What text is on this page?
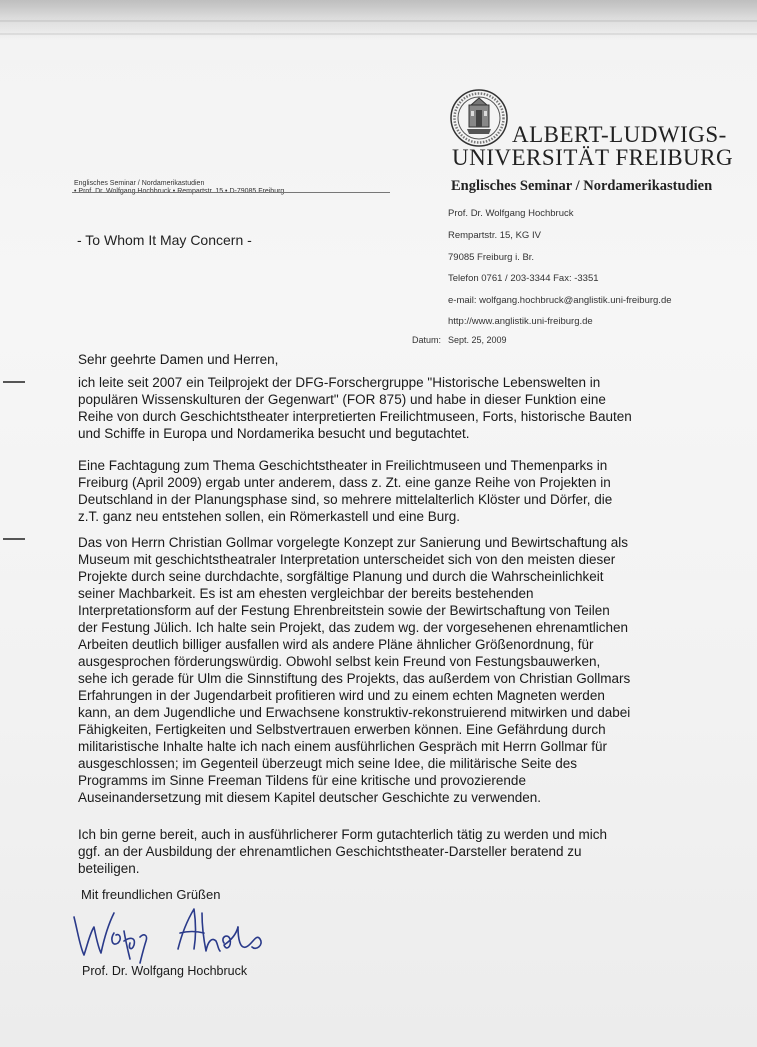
ALBERT-LUDWIGS-
UNIVERSITÄT FREIBURG
Englisches Seminar / Nordamerikastudien
Englisches Seminar / Nordamerikastudien
Prof. Dr. Wolfgang Hochbruck
Rempartstr. 15, KG IV
79085 Freiburg i. Br.
Telefon 0761 / 203-3344 Fax: -3351
e-mail: wolfgang.hochbruck@anglistik.uni-freiburg.de
http://www.anglistik.uni-freiburg.de
Datum: Sept. 25, 2009
- To Whom It May Concern -
Sehr geehrte Damen und Herren,
ich leite seit 2007 ein Teilprojekt der DFG-Forschergruppe "Historische Lebenswelten in
populären Wissenskulturen der Gegenwart" (FOR 875) und habe in dieser Funktion eine
Reihe von durch Geschichtstheater interpretierten Freilichtmuseen, Forts, historische Bauten
und Schiffe in Europa und Nordamerika besucht und begutachtet.
Eine Fachtagung zum Thema Geschichtstheater in Freilichtmuseen und Themenparks in
Freiburg (April 2009) ergab unter anderem, dass z. Zt. eine ganze Reihe von Projekten in
Deutschland in der Planungsphase sind, so mehrere mittelalterlich Klöster und Dörfer, die
z.T. ganz neu entstehen sollen, ein Römerkastell und eine Burg.
Das von Herrn Christian Gollmar vorgelegte Konzept zur Sanierung und Bewirtschaftung als
Museum mit geschichtstheatraler Interpretation unterscheidet sich von den meisten dieser
Projekte durch seine durchdachte, sorgfältige Planung und durch die Wahrscheinlichkeit
seiner Machbarkeit. Es ist am ehesten vergleichbar der bereits bestehenden
Interpretationsform auf der Festung Ehrenbreitstein sowie der Bewirtschaftung von Teilen
der Festung Jülich. Ich halte sein Projekt, das zudem wg. der vorgesehenen ehrenamtlichen
Arbeiten deutlich billiger ausfallen wird als andere Pläne ähnlicher Größenordnung, für
ausgesprochen förderungswürdig. Obwohl selbst kein Freund von Festungsbauwerken,
sehe ich gerade für Ulm die Sinnstiftung des Projekts, das außerdem von Christian Gollmars
Erfahrungen in der Jugendarbeit profitieren wird und zu einem echten Magneten werden
kann, an dem Jugendliche und Erwachsene konstruktiv-rekonstruierend mitwirken und dabei
Fähigkeiten, Fertigkeiten und Selbstvertrauen erwerben können. Eine Gefährdung durch
militaristische Inhalte halte ich nach einem ausführlichen Gespräch mit Herrn Gollmar für
ausgeschlossen; im Gegenteil überzeugt mich seine Idee, die militärische Seite des
Programms im Sinne Freeman Tildens für eine kritische und provozierende
Auseinandersetzung mit diesem Kapitel deutscher Geschichte zu verwenden.
Ich bin gerne bereit, auch in ausführlicherer Form gutachterlich tätig zu werden und mich
ggf. an der Ausbildung der ehrenamtlichen Geschichtstheater-Darsteller beratend zu
beteiligen.
Mit freundlichen Grüßen
Prof. Dr. Wolfgang Hochbruck
